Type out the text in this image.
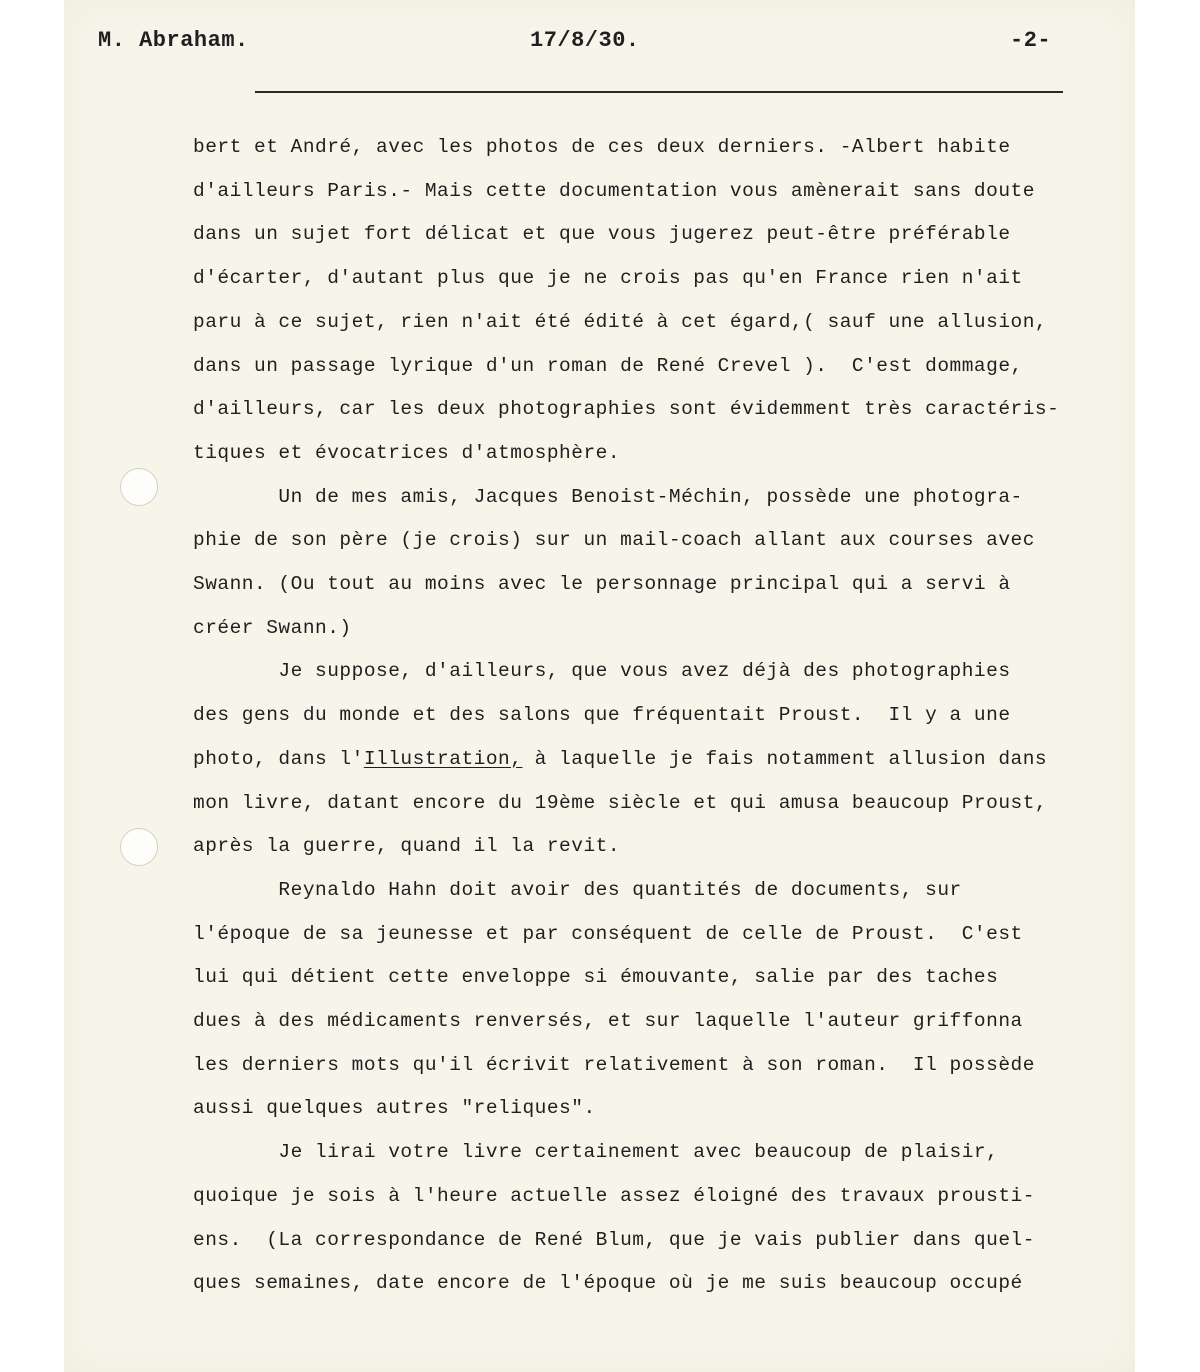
M. Abraham.	17/8/30.	-2-
bert et André, avec les photos de ces deux derniers. -Albert habite
d'ailleurs Paris.- Mais cette documentation vous amènerait sans doute
dans un sujet fort délicat et que vous jugerez peut-être préférable
d'écarter, d'autant plus que je ne crois pas qu'en France rien n'ait
paru à ce sujet, rien n'ait été édité à cet égard,( sauf une allusion,
dans un passage lyrique d'un roman de René Crevel ).  C'est dommage,
d'ailleurs, car les deux photographies sont évidemment très caractéris-
tiques et évocatrices d'atmosphère.
Un de mes amis, Jacques Benoist-Méchin, possède une photogra-
phie de son père (je crois) sur un mail-coach allant aux courses avec
Swann. (Ou tout au moins avec le personnage principal qui a servi à
créer Swann.)
Je suppose, d'ailleurs, que vous avez déjà des photographies
des gens du monde et des salons que fréquentait Proust.  Il y a une
photo, dans l'Illustration, à laquelle je fais notamment allusion dans
mon livre, datant encore du 19ème siècle et qui amusa beaucoup Proust,
après la guerre, quand il la revit.
Reynaldo Hahn doit avoir des quantités de documents, sur
l'époque de sa jeunesse et par conséquent de celle de Proust.  C'est
lui qui détient cette enveloppe si émouvante, salie par des taches
dues à des médicaments renversés, et sur laquelle l'auteur griffonna
les derniers mots qu'il écrivit relativement à son roman.  Il possède
aussi quelques autres "reliques".
Je lirai votre livre certainement avec beaucoup de plaisir,
quoique je sois à l'heure actuelle assez éloigné des travaux prousti-
ens.  (La correspondance de René Blum, que je vais publier dans quel-
ques semaines, date encore de l'époque où je me suis beaucoup occupé
